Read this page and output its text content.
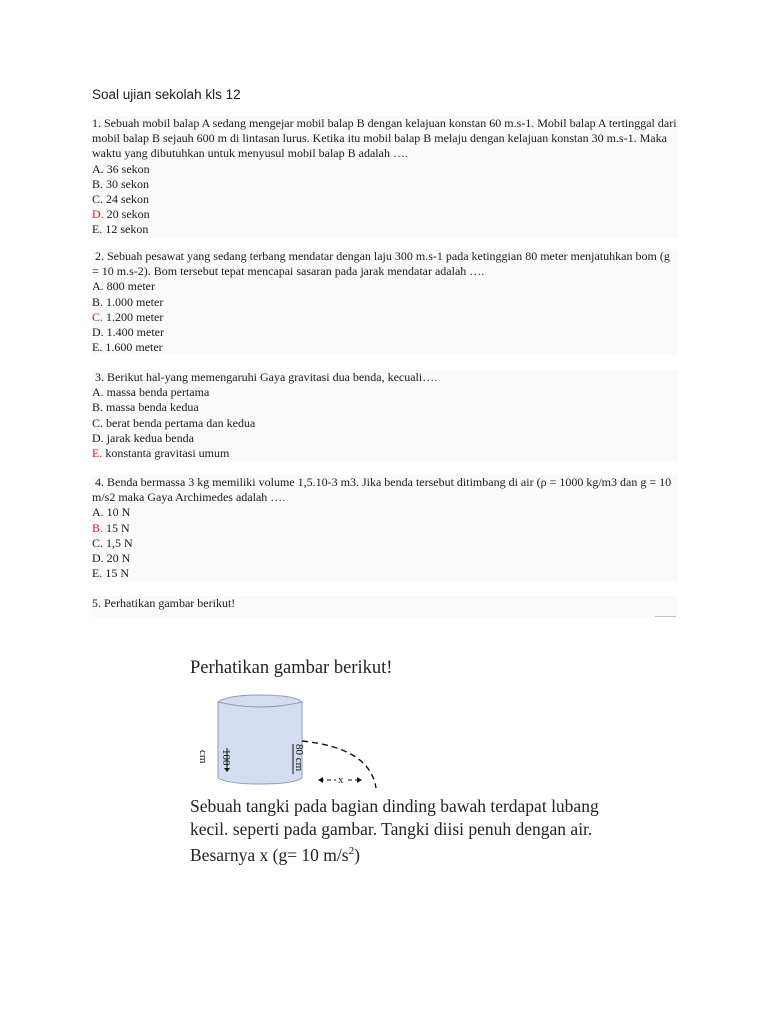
Soal ujian sekolah kls 12

1. Sebuah mobil balap A sedang mengejar mobil balap B dengan kelajuan konstan 60 m.s-1. Mobil balap A tertinggal dari mobil balap B sejauh 600 m di lintasan lurus. Ketika itu mobil balap B melaju dengan kelajuan konstan 30 m.s-1. Maka waktu yang dibutuhkan untuk menyusul mobil balap B adalah ….

A. 36 sekon
B. 30 sekon
C. 24 sekon
D. 20 sekon
E. 12 sekon

2. Sebuah pesawat yang sedang terbang mendatar dengan laju 300 m.s-1 pada ketinggian 80 meter menjatuhkan bom (g = 10 m.s-2). Bom tersebut tepat mencapai sasaran pada jarak mendatar adalah ….

A. 800 meter
B. 1.000 meter
C. 1.200 meter
D. 1.400 meter
E. 1.600 meter

3. Berikut hal-yang memengaruhi Gaya gravitasi dua benda, kecuali….

A. massa benda pertama
B. massa benda kedua
C. berat benda pertama dan kedua
D. jarak kedua benda
E. konstanta gravitasi umum

4. Benda bermassa 3 kg memiliki volume 1,5.10-3 m3. Jika benda tersebut ditimbang di air (ρ = 1000 kg/m3 dan g = 10 m/s2 maka Gaya Archimedes adalah ….

A. 10 N
B. 15 N
C. 1,5 N
D. 20 N
E. 15 N
5. Perhatikan gambar berikut!
Perhatikan gambar berikut!
100
cm	80 cm
x

Sebuah tangki pada bagian dinding bawah terdapat lubang

kecil. seperti pada gambar. Tangki diisi penuh dengan air.

Besarnya x (g= 10 $m/s^2$)
